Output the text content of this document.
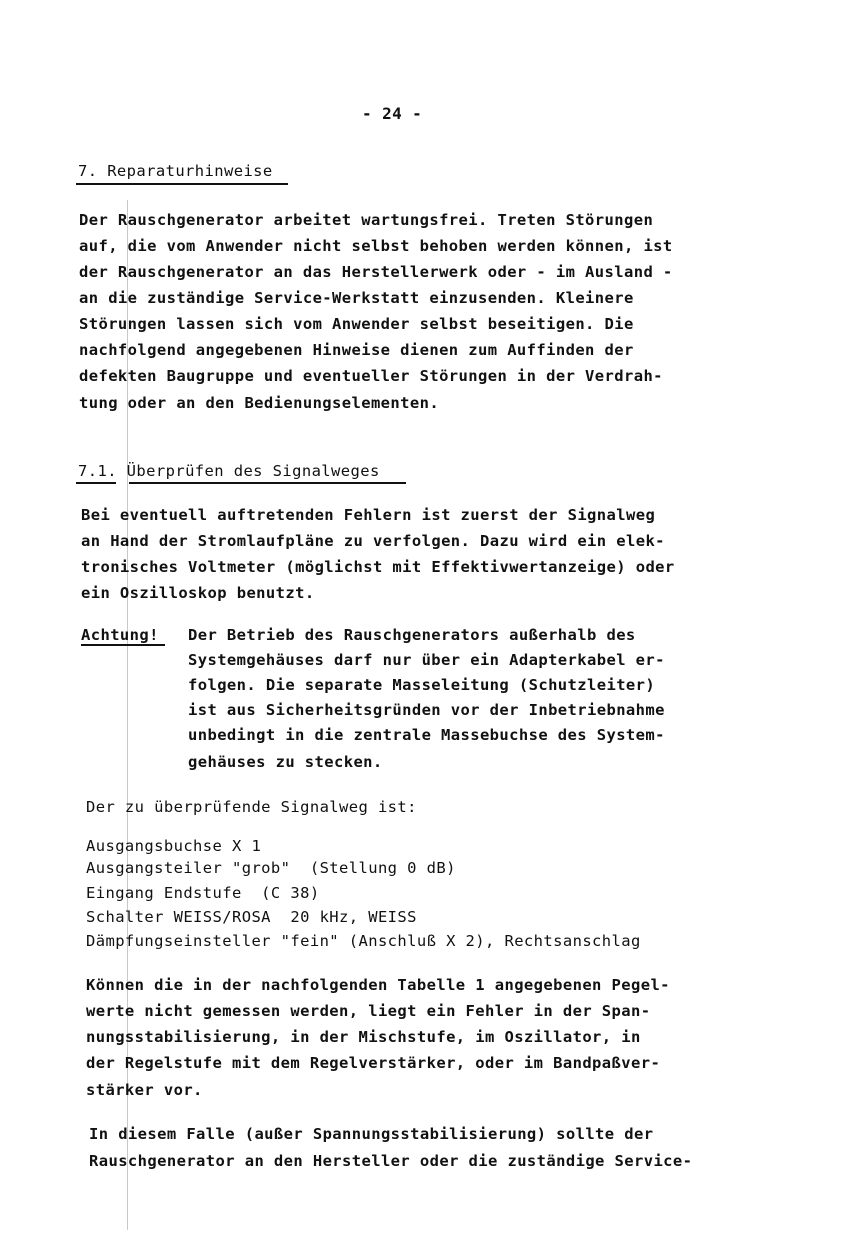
- 24 -
7. Reparaturhinweise
Der Rauschgenerator arbeitet wartungsfrei. Treten Störungen
auf, die vom Anwender nicht selbst behoben werden können, ist
der Rauschgenerator an das Herstellerwerk oder - im Ausland -
an die zuständige Service-Werkstatt einzusenden. Kleinere
Störungen lassen sich vom Anwender selbst beseitigen. Die
nachfolgend angegebenen Hinweise dienen zum Auffinden der
defekten Baugruppe und eventueller Störungen in der Verdrah-
tung oder an den Bedienungselementen.
7.1. Überprüfen des Signalweges
Bei eventuell auftretenden Fehlern ist zuerst der Signalweg
an Hand der Stromlaufpläne zu verfolgen. Dazu wird ein elek-
tronisches Voltmeter (möglichst mit Effektivwertanzeige) oder
ein Oszilloskop benutzt.
Achtung! Der Betrieb des Rauschgenerators außerhalb des
Systemgehäuses darf nur über ein Adapterkabel er-
folgen. Die separate Masseleitung (Schutzleiter)
ist aus Sicherheitsgründen vor der Inbetriebnahme
unbedingt in die zentrale Massebuchse des System-
gehäuses zu stecken.
Der zu überprüfende Signalweg ist:
Ausgangsbuchse X 1
Ausgangsteiler "grob"  (Stellung 0 dB)
Eingang Endstufe  (C 38)
Schalter WEISS/ROSA  20 kHz, WEISS
Dämpfungseinsteller "fein" (Anschluß X 2), Rechtsanschlag
Können die in der nachfolgenden Tabelle 1 angegebenen Pegel-
werte nicht gemessen werden, liegt ein Fehler in der Span-
nungsstabilisierung, in der Mischstufe, im Oszillator, in
der Regelstufe mit dem Regelverstärker, oder im Bandpaßver-
stärker vor.
In diesem Falle (außer Spannungsstabilisierung) sollte der
Rauschgenerator an den Hersteller oder die zuständige Service-
